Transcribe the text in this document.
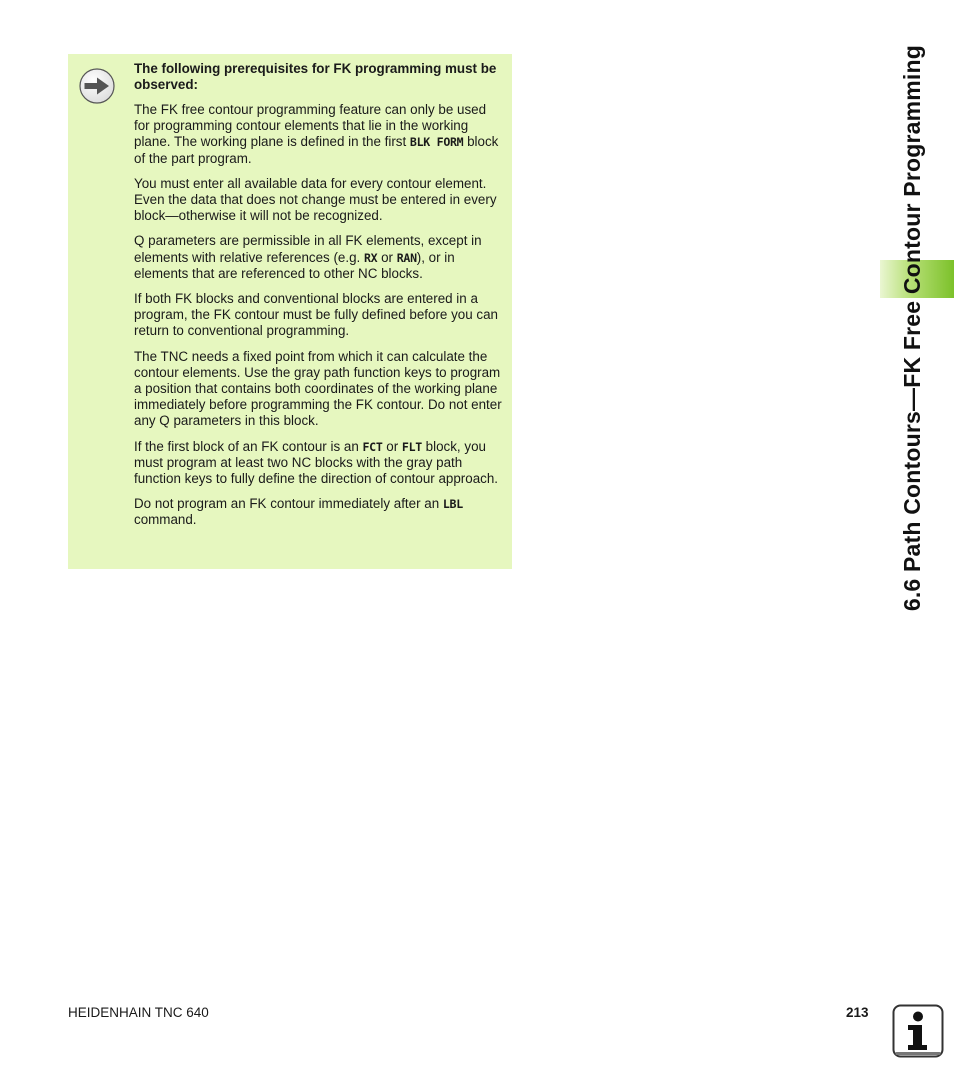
The following prerequisites for FK programming must be observed:

The FK free contour programming feature can only be used for programming contour elements that lie in the working plane. The working plane is defined in the first BLK FORM block of the part program.

You must enter all available data for every contour element. Even the data that does not change must be entered in every block—otherwise it will not be recognized.

Q parameters are permissible in all FK elements, except in elements with relative references (e.g. RX or RAN), or in elements that are referenced to other NC blocks.

If both FK blocks and conventional blocks are entered in a program, the FK contour must be fully defined before you can return to conventional programming.

The TNC needs a fixed point from which it can calculate the contour elements. Use the gray path function keys to program a position that contains both coordinates of the working plane immediately before programming the FK contour. Do not enter any Q parameters in this block.

If the first block of an FK contour is an FCT or FLT block, you must program at least two NC blocks with the gray path function keys to fully define the direction of contour approach.

Do not program an FK contour immediately after an LBL command.	6.6 Path Contours—FK Free Contour Programming
HEIDENHAIN TNC 640	213
